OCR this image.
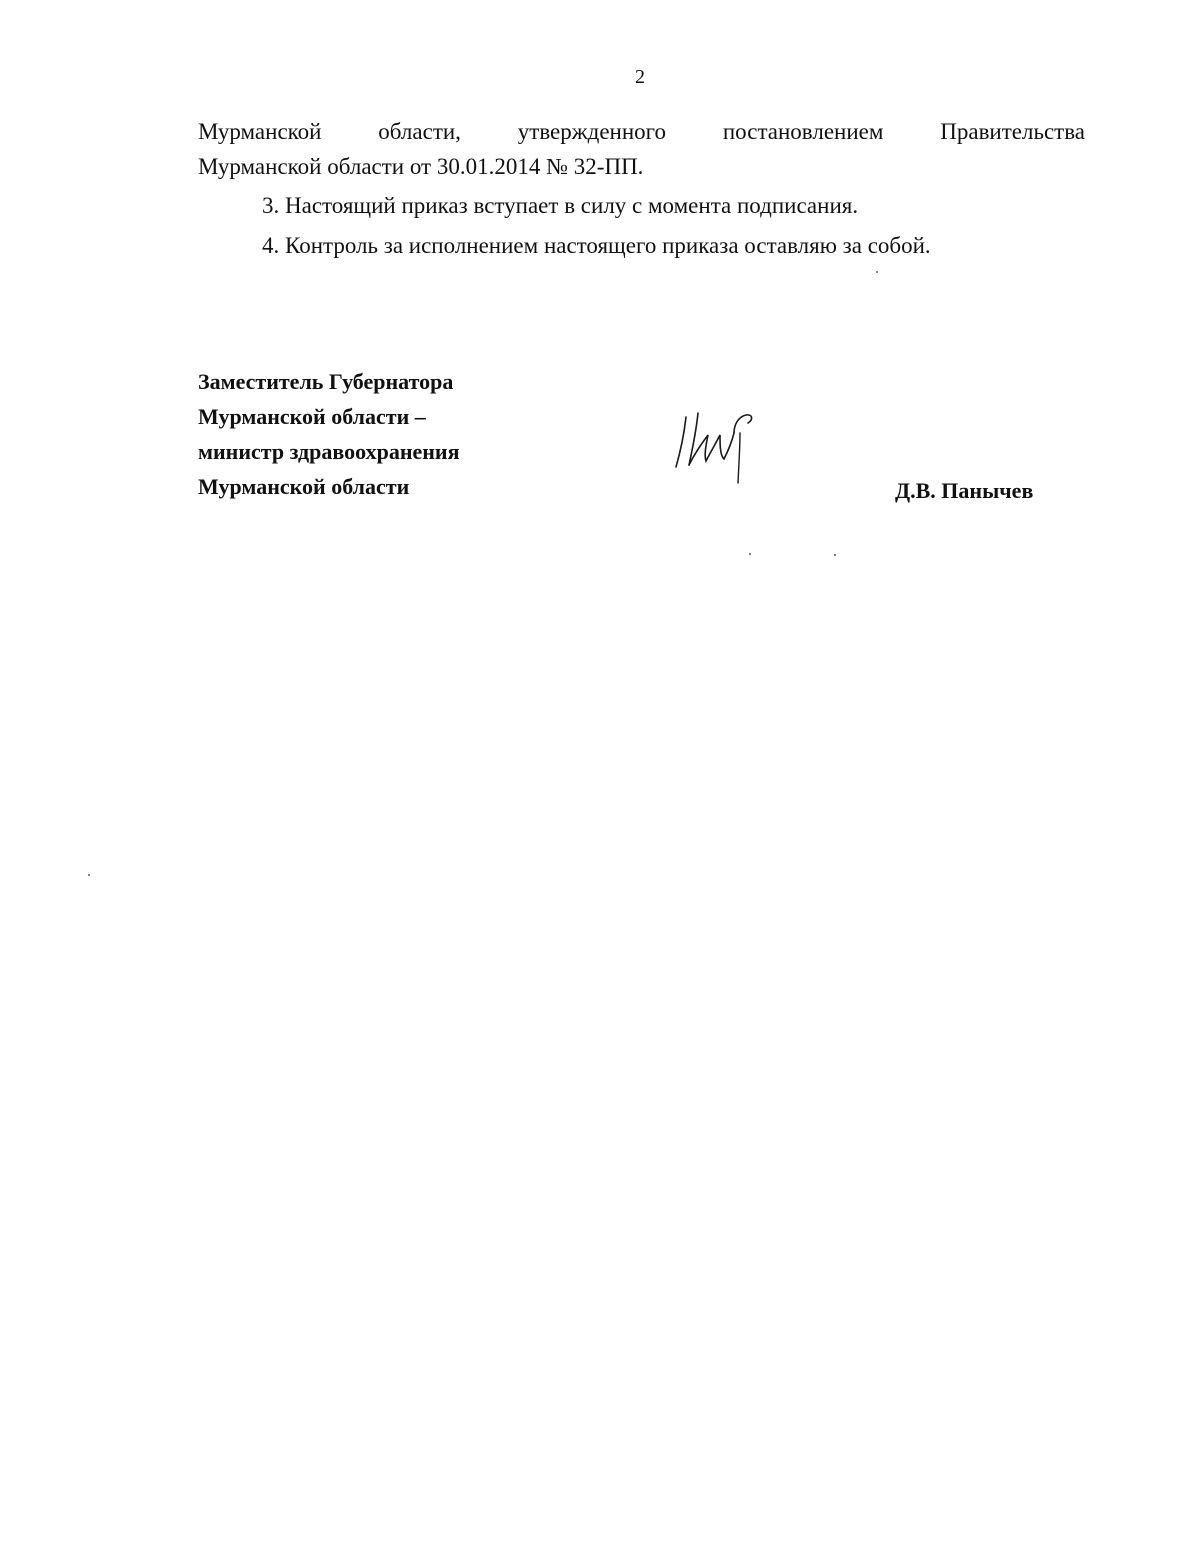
2
Мурманской области, утвержденного постановлением Правительства
Мурманской области от 30.01.2014 № 32-ПП.

3. Настоящий приказ вступает в силу с момента подписания.

4. Контроль за исполнением настоящего приказа оставляю за собой.

Заместитель Губернатора
Мурманской области –
министр здравоохранения
Мурманской области	Д.В. Панычев
